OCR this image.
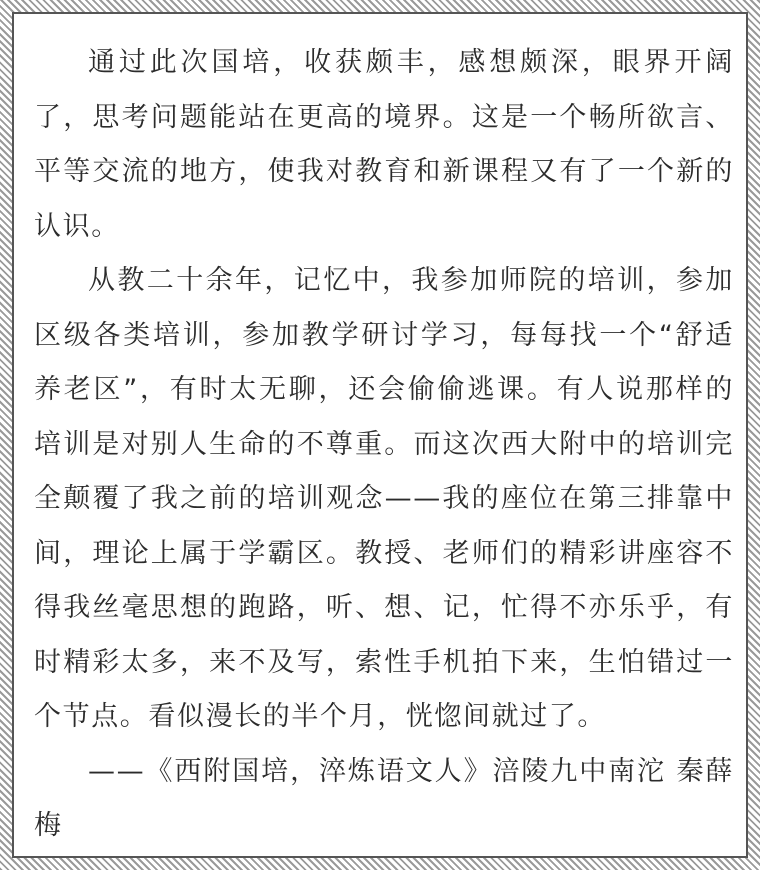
通过此次国培，收获颇丰，感想颇深，眼界开阔了，思考问题能站在更高的境界。这是一个畅所欲言、平等交流的地方，使我对教育和新课程又有了一个新的认识。

从教二十余年，记忆中，我参加师院的培训，参加区级各类培训，参加教学研讨学习，每每找一个“舒适养老区”，有时太无聊，还会偷偷逃课。有人说那样的培训是对别人生命的不尊重。而这次西大附中的培训完全颠覆了我之前的培训观念——我的座位在第三排靠中间，理论上属于学霸区。教授、老师们的精彩讲座容不得我丝毫思想的跑路，听、想、记，忙得不亦乐乎，有时精彩太多，来不及写，索性手机拍下来，生怕错过一个节点。看似漫长的半个月，恍惚间就过了。

——《西附国培，淬炼语文人》涪陵九中南沱 秦薛梅
